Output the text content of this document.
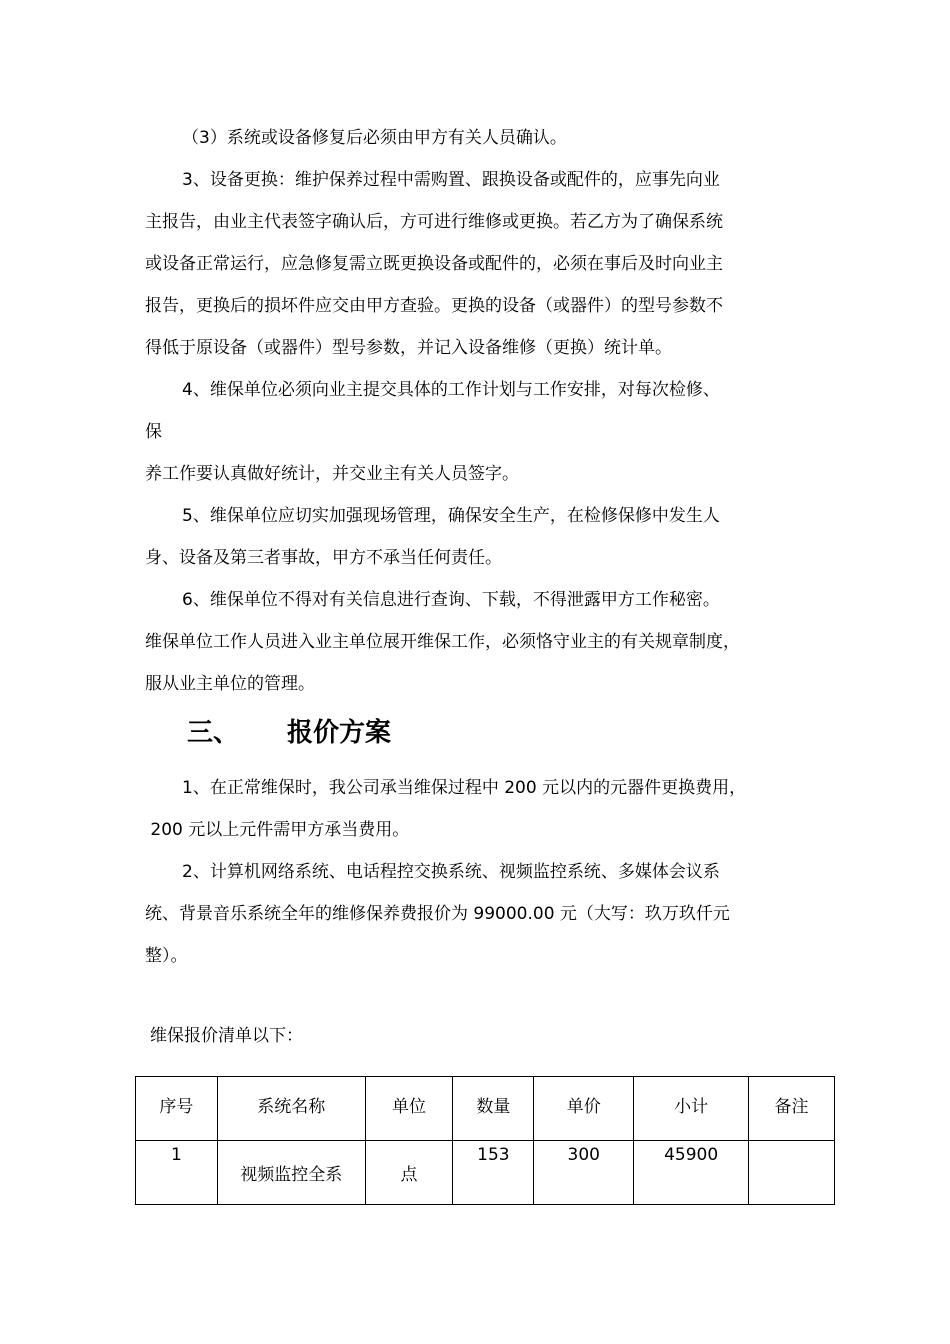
（3）系统或设备修复后必须由甲方有关人员确认。

3、设备更换：维护保养过程中需购置、跟换设备或配件的，应事先向业

主报告，由业主代表签字确认后，方可进行维修或更换。若乙方为了确保系统

或设备正常运行，应急修复需立既更换设备或配件的，必须在事后及时向业主

报告，更换后的损坏件应交由甲方查验。更换的设备（或器件）的型号参数不

得低于原设备（或器件）型号参数，并记入设备维修（更换）统计单。

4、维保单位必须向业主提交具体的工作计划与工作安排，对每次检修、

保

养工作要认真做好统计，并交业主有关人员签字。

5、维保单位应切实加强现场管理，确保安全生产，在检修保修中发生人

身、设备及第三者事故，甲方不承当任何责任。

6、维保单位不得对有关信息进行查询、下载，不得泄露甲方工作秘密。

维保单位工作人员进入业主单位展开维保工作，必须恪守业主的有关规章制度，

服从业主单位的管理。

三、 报价方案

1、在正常维保时，我公司承当维保过程中 200 元以内的元器件更换费用，

200 元以上元件需甲方承当费用。

2、计算机网络系统、电话程控交换系统、视频监控系统、多媒体会议系

统、背景音乐系统全年的维修保养费报价为 99000.00 元（大写：玖万玖仟元

整）。

维保报价清单以下：

序号	系统名称	单位	数量	单价	小计	备注
1	视频监控全系	点	153	300	45900	
